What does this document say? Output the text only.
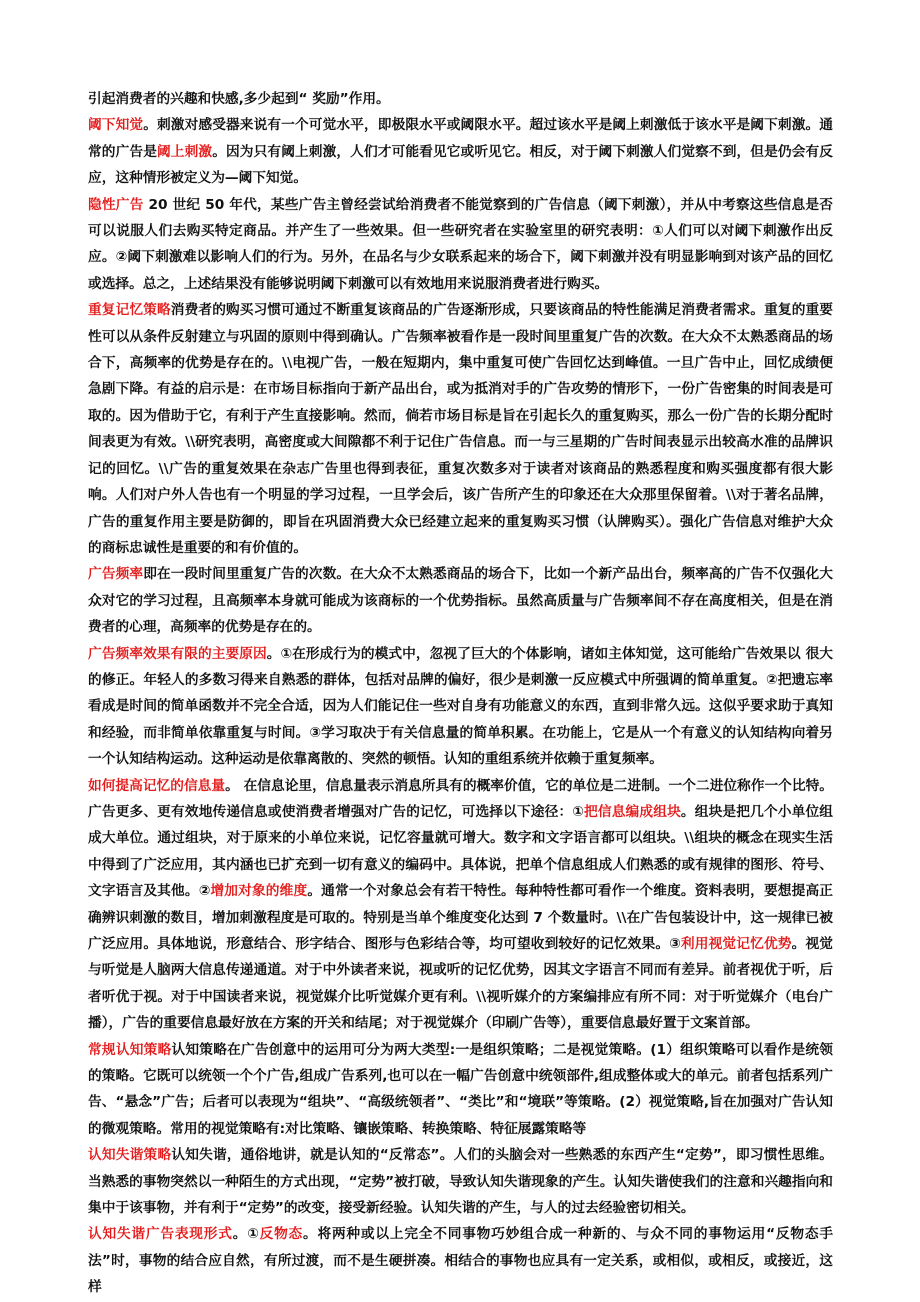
引起消费者的兴趣和快感,多少起到“ 奖励”作用。

阈下知觉。刺激对感受器来说有一个可觉水平，即极限水平或阈限水平。超过该水平是阈上刺激低于该水平是阈下刺激。通常的广告是阈上刺激。因为只有阈上刺激，人们才可能看见它或听见它。相反，对于阈下刺激人们觉察不到，但是仍会有反应，这种情形被定义为—阈下知觉。

隐性广告 20 世纪 50 年代，某些广告主曾经尝试给消费者不能觉察到的广告信息（阈下刺激），并从中考察这些信息是否可以说服人们去购买特定商品。并产生了一些效果。但一些研究者在实验室里的研究表明：①人们可以对阈下刺激作出反应。②阈下刺激难以影响人们的行为。另外，在品名与少女联系起来的场合下，阈下刺激并没有明显影响到对该产品的回忆或选择。总之，上述结果没有能够说明阈下刺激可以有效地用来说服消费者进行购买。

重复记忆策略消费者的购买习惯可通过不断重复该商品的广告逐渐形成，只要该商品的特性能满足消费者需求。重复的重要性可以从条件反射建立与巩固的原则中得到确认。广告频率被看作是一段时间里重复广告的次数。在大众不太熟悉商品的场合下，高频率的优势是存在的。\\电视广告，一般在短期内，集中重复可使广告回忆达到峰值。一旦广告中止，回忆成绩便急剧下降。有益的启示是：在市场目标指向于新产品出台，或为抵消对手的广告攻势的情形下，一份广告密集的时间表是可取的。因为借助于它，有利于产生直接影响。然而，倘若市场目标是旨在引起长久的重复购买，那么一份广告的长期分配时间表更为有效。\\研究表明，高密度或大间隙都不利于记住广告信息。而一与三星期的广告时间表显示出较高水准的品牌识记的回忆。\\广告的重复效果在杂志广告里也得到表征，重复次数多对于读者对该商品的熟悉程度和购买强度都有很大影响。人们对户外人告也有一个明显的学习过程，一旦学会后，该广告所产生的印象还在大众那里保留着。\\对于著名品牌，广告的重复作用主要是防御的，即旨在巩固消费大众已经建立起来的重复购买习惯（认牌购买）。强化广告信息对维护大众的商标忠诚性是重要的和有价值的。

广告频率即在一段时间里重复广告的次数。在大众不太熟悉商品的场合下，比如一个新产品出台，频率高的广告不仅强化大众对它的学习过程，且高频率本身就可能成为该商标的一个优势指标。虽然高质量与广告频率间不存在高度相关，但是在消费者的心理，高频率的优势是存在的。

广告频率效果有限的主要原因。①在形成行为的模式中，忽视了巨大的个体影响，诸如主体知觉，这可能给广告效果以 很大的修正。年轻人的多数习得来自熟悉的群体，包括对品牌的偏好，很少是刺激一反应模式中所强调的简单重复。②把遗忘率看成是时间的简单函数并不完全合适，因为人们能记住一些对自身有功能意义的东西，直到非常久远。这似乎要求助于真知和经验，而非简单依靠重复与时间。③学习取决于有关信息量的简单积累。在功能上，它是从一个有意义的认知结构向着另一个认知结构运动。这种运动是依靠离散的、突然的顿悟。认知的重组系统并依赖于重复频率。

如何提高记忆的信息量。 在信息论里，信息量表示消息所具有的概率价值，它的单位是二进制。一个二进位称作一个比特。广告更多、更有效地传递信息或使消费者增强对广告的记忆，可选择以下途径：①把信息编成组块。组块是把几个小单位组成大单位。通过组块，对于原来的小单位来说，记忆容量就可增大。数字和文字语言都可以组块。\\组块的概念在现实生活中得到了广泛应用，其内涵也已扩充到一切有意义的编码中。具体说，把单个信息组成人们熟悉的或有规律的图形、符号、文字语言及其他。②增加对象的维度。通常一个对象总会有若干特性。每种特性都可看作一个维度。资料表明，要想提高正确辨识刺激的数目，增加刺激程度是可取的。特别是当单个维度变化达到 7 个数量时。\\在广告包装设计中，这一规律已被广泛应用。具体地说，形意结合、形字结合、图形与色彩结合等，均可望收到较好的记忆效果。③利用视觉记忆优势。视觉与听觉是人脑两大信息传递通道。对于中外读者来说，视或听的记忆优势，因其文字语言不同而有差异。前者视优于听，后者听优于视。对于中国读者来说，视觉媒介比听觉媒介更有利。\\视听媒介的方案编排应有所不同：对于听觉媒介（电台广播），广告的重要信息最好放在方案的开关和结尾；对于视觉媒介（印刷广告等），重要信息最好置于文案首部。

常规认知策略认知策略在广告创意中的运用可分为两大类型:一是组织策略；二是视觉策略。(1）组织策略可以看作是统领的策略。它既可以统领一个个广告,组成广告系列,也可以在一幅广告创意中统领部件,组成整体或大的单元。前者包括系列广告、“悬念”广告；后者可以表现为“组块”、“高级统领者”、“类比”和“境联”等策略。(2）视觉策略,旨在加强对广告认知的微观策略。常用的视觉策略有:对比策略、镶嵌策略、转换策略、特征展露策略等

认知失谐策略认知失谐，通俗地讲，就是认知的“反常态”。人们的头脑会对一些熟悉的东西产生“定势”，即习惯性思维。当熟悉的事物突然以一种陌生的方式出现，“定势”被打破，导致认知失谐现象的产生。认知失谐使我们的注意和兴趣指向和集中于该事物，并有利于“定势”的改变，接受新经验。认知失谐的产生，与人的过去经验密切相关。

认知失谐广告表现形式。①反物态。将两种或以上完全不同事物巧妙组合成一种新的、与众不同的事物运用“反物态手法”时，事物的结合应自然，有所过渡，而不是生硬拼凑。相结合的事物也应具有一定关系，或相似，或相反，或接近，这样
